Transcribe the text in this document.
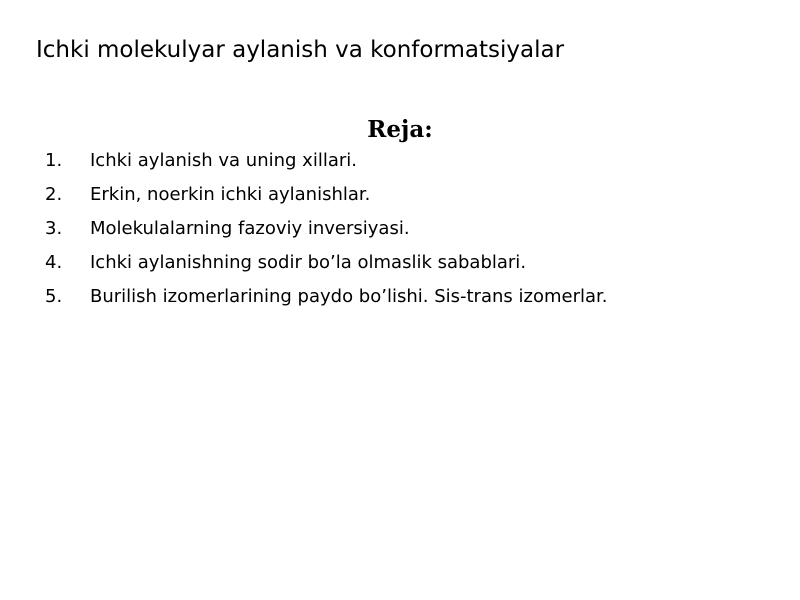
Ichki molekulyar aylanish va konformatsiyalar
Reja:
1. Ichki aylanish va uning xillari.
2. Erkin, noerkin ichki aylanishlar.
3. Molekulalarning fazoviy inversiyasi.
4. Ichki aylanishning sodir bo’la olmaslik sabablari.
5. Burilish izomerlarining paydo bo’lishi. Sis-trans izomerlar.
